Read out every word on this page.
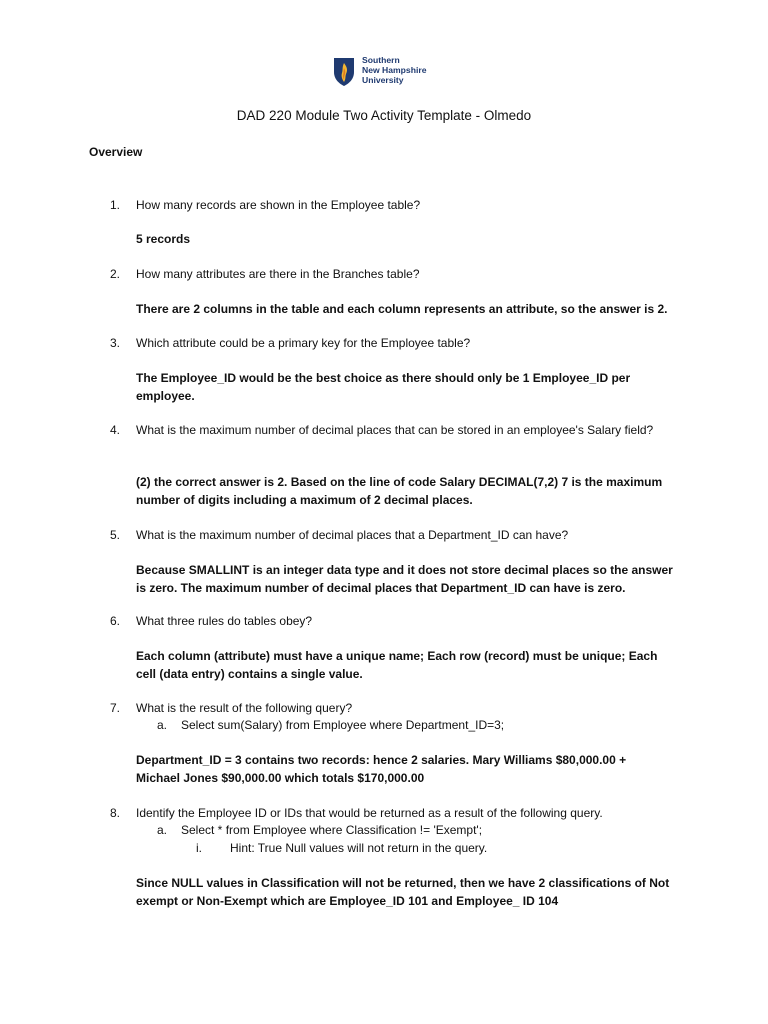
Southern
New Hampshire
University
DAD 220 Module Two Activity Template - Olmedo
Overview
1.	How many records are shown in the Employee table?
5 records
2.	How many attributes are there in the Branches table?
There are 2 columns in the table and each column represents an attribute, so the answer is 2.
3.	Which attribute could be a primary key for the Employee table?
The Employee_ID would be the best choice as there should only be 1 Employee_ID per employee.
4.	What is the maximum number of decimal places that can be stored in an employee's Salary field?
(2) the correct answer is 2. Based on the line of code Salary DECIMAL(7,2) 7 is the maximum number of digits including a maximum of 2 decimal places.
5.	What is the maximum number of decimal places that a Department_ID can have?
Because SMALLINT is an integer data type and it does not store decimal places so the answer is zero. The maximum number of decimal places that Department_ID can have is zero.
6.	What three rules do tables obey?
Each column (attribute) must have a unique name; Each row (record) must be unique; Each cell (data entry) contains a single value.
7.	What is the result of the following query?
a. Select sum(Salary) from Employee where Department_ID=3;
Department_ID = 3 contains two records: hence 2 salaries. Mary Williams $80,000.00 + Michael Jones $90,000.00 which totals $170,000.00
8.	Identify the Employee ID or IDs that would be returned as a result of the following query.
a. Select * from Employee where Classification != 'Exempt';
i. Hint: True Null values will not return in the query.
Since NULL values in Classification will not be returned, then we have 2 classifications of Not exempt or Non-Exempt which are Employee_ID 101 and Employee_ ID 104
